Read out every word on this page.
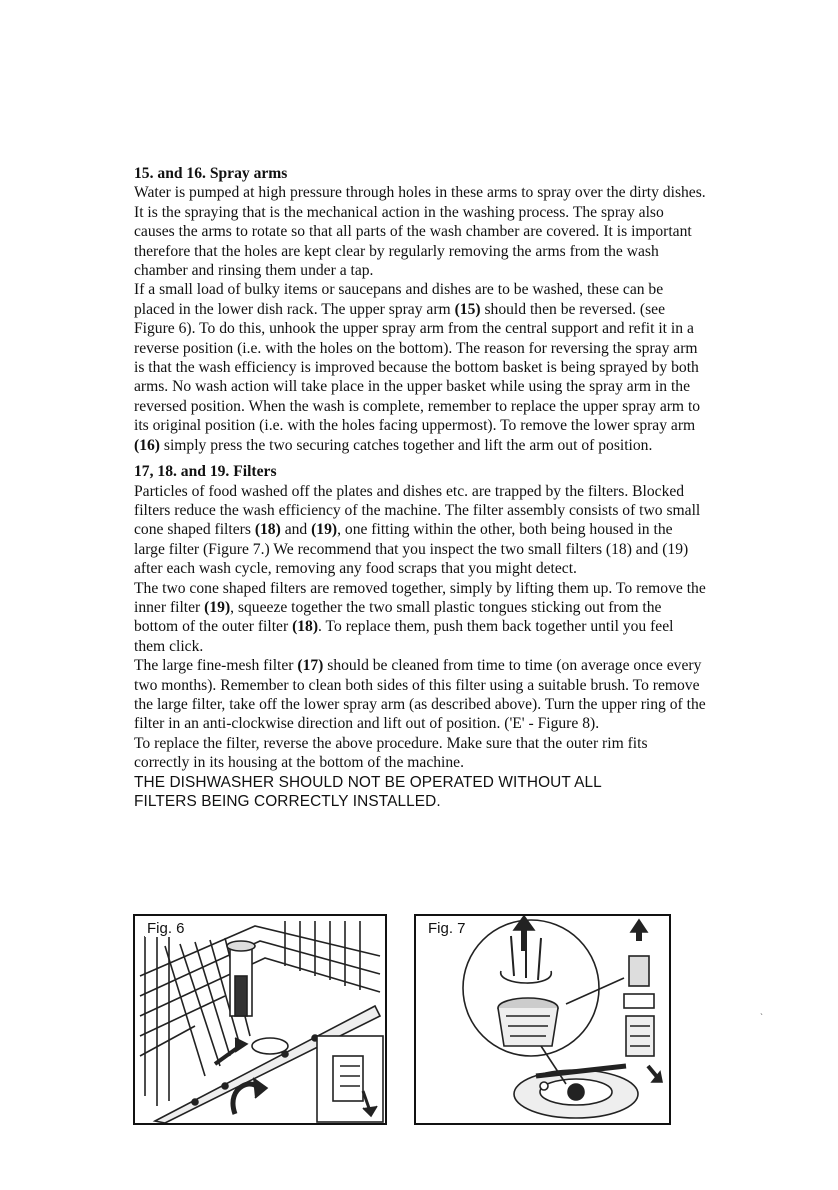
15. and 16. Spray arms

Water is pumped at high pressure through holes in these arms to spray over the dirty dishes. It is the spraying that is the mechanical action in the washing process. The spray also causes the arms to rotate so that all parts of the wash chamber are covered. It is important therefore that the holes are kept clear by regularly removing the arms from the wash chamber and rinsing them under a tap.

If a small load of bulky items or saucepans and dishes are to be washed, these can be placed in the lower dish rack. The upper spray arm (15) should then be reversed. (see Figure 6). To do this, unhook the upper spray arm from the central support and refit it in a reverse position (i.e. with the holes on the bottom). The reason for reversing the spray arm is that the wash efficiency is improved because the bottom basket is being sprayed by both arms. No wash action will take place in the upper basket while using the spray arm in the reversed position. When the wash is complete, remember to replace the upper spray arm to its original position (i.e. with the holes facing uppermost). To remove the lower spray arm (16) simply press the two securing catches together and lift the arm out of position.

17, 18. and 19. Filters

Particles of food washed off the plates and dishes etc. are trapped by the filters. Blocked filters reduce the wash efficiency of the machine. The filter assembly consists of two small cone shaped filters (18) and (19), one fitting within the other, both being housed in the large filter (Figure 7.) We recommend that you inspect the two small filters (18) and (19) after each wash cycle, removing any food scraps that you might detect.

The two cone shaped filters are removed together, simply by lifting them up. To remove the inner filter (19), squeeze together the two small plastic tongues sticking out from the bottom of the outer filter (18). To replace them, push them back together until you feel them click.

The large fine-mesh filter (17) should be cleaned from time to time (on average once every two months). Remember to clean both sides of this filter using a suitable brush. To remove the large filter, take off the lower spray arm (as described above). Turn the upper ring of the filter in an anti-clockwise direction and lift out of position. ('E' - Figure 8).

To replace the filter, reverse the above procedure. Make sure that the outer rim fits correctly in its housing at the bottom of the machine.

THE DISHWASHER SHOULD NOT BE OPERATED WITHOUT ALL

FILTERS BEING CORRECTLY INSTALLED.

Fig. 6	Fig. 7
`
